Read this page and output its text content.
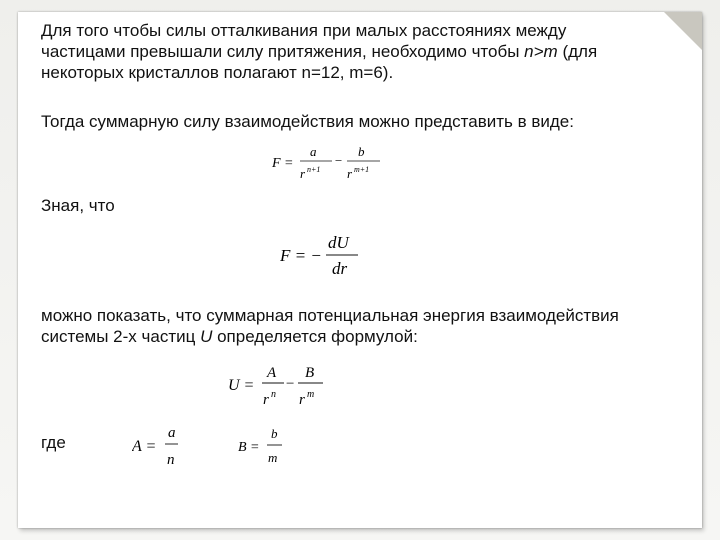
Для того чтобы силы отталкивания при малых расстояниях между
частицами превышали силу притяжения, необходимо чтобы n>m (для
некоторых кристаллов полагают n=12, m=6).

Тогда суммарную силу взаимодействия можно представить в виде:

F =
a
r n+1
−
b
r m+1

Зная, что

F = −
dU
dr

можно показать, что суммарная потенциальная энергия взаимодействия
системы 2-х частиц U определяется формулой:

U =
A
r n
−
B
r m

где	A =
a
n
B =
b
m
